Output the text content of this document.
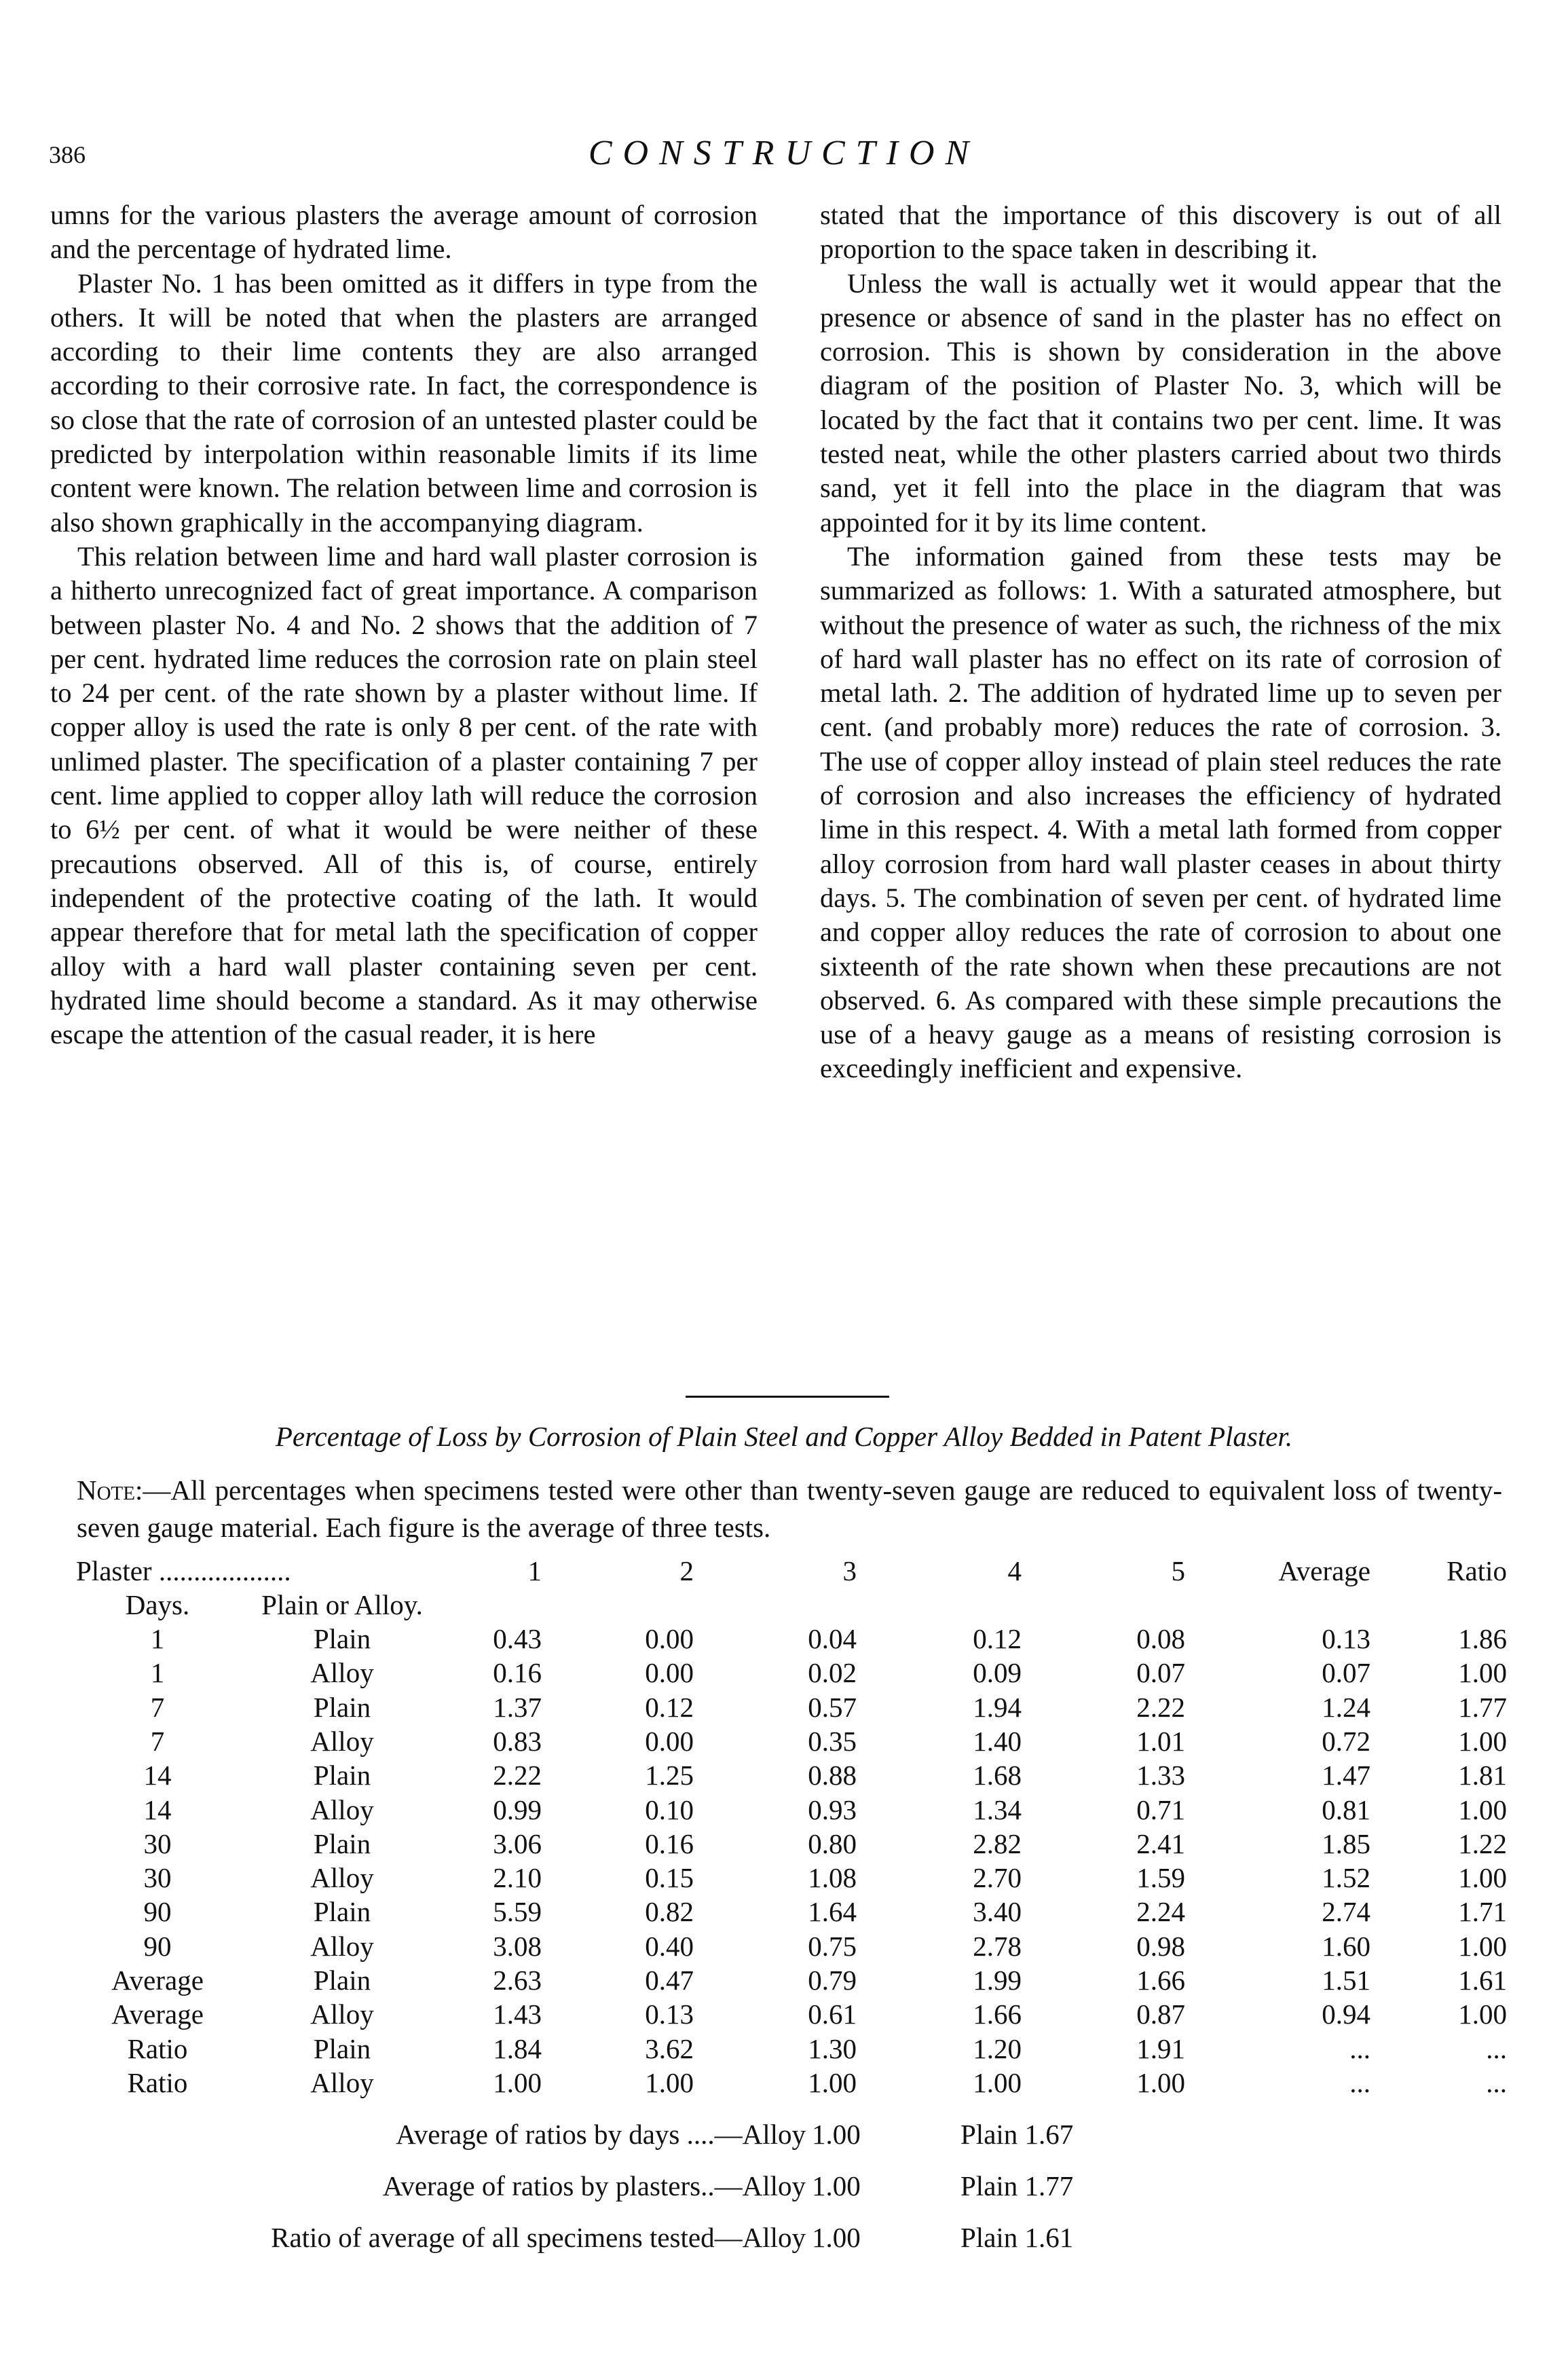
386	CONSTRUCTION

umns for the various plasters the average amount of corrosion and the percentage of hydrated lime.

Plaster No. 1 has been omitted as it differs in type from the others. It will be noted that when the plasters are arranged according to their lime contents they are also arranged according to their corrosive rate. In fact, the correspondence is so close that the rate of corrosion of an untested plaster could be predicted by interpolation within reasonable limits if its lime content were known. The relation between lime and corrosion is also shown graphically in the accompanying diagram.

This relation between lime and hard wall plaster corrosion is a hitherto unrecognized fact of great importance. A comparison between plaster No. 4 and No. 2 shows that the addition of 7 per cent. hydrated lime reduces the corrosion rate on plain steel to 24 per cent. of the rate shown by a plaster without lime. If copper alloy is used the rate is only 8 per cent. of the rate with unlimed plaster. The specification of a plaster containing 7 per cent. lime applied to copper alloy lath will reduce the corrosion to 6½ per cent. of what it would be were neither of these precautions observed. All of this is, of course, entirely independent of the protective coating of the lath. It would appear therefore that for metal lath the specification of copper alloy with a hard wall plaster containing seven per cent. hydrated lime should become a standard. As it may otherwise escape the attention of the casual reader, it is here

stated that the importance of this discovery is out of all proportion to the space taken in describing it.

Unless the wall is actually wet it would appear that the presence or absence of sand in the plaster has no effect on corrosion. This is shown by consideration in the above diagram of the position of Plaster No. 3, which will be located by the fact that it contains two per cent. lime. It was tested neat, while the other plasters carried about two thirds sand, yet it fell into the place in the diagram that was appointed for it by its lime content.

The information gained from these tests may be summarized as follows: 1. With a saturated atmosphere, but without the presence of water as such, the richness of the mix of hard wall plaster has no effect on its rate of corrosion of metal lath. 2. The addition of hydrated lime up to seven per cent. (and probably more) reduces the rate of corrosion. 3. The use of copper alloy instead of plain steel reduces the rate of corrosion and also increases the efficiency of hydrated lime in this respect. 4. With a metal lath formed from copper alloy corrosion from hard wall plaster ceases in about thirty days. 5. The combination of seven per cent. of hydrated lime and copper alloy reduces the rate of corrosion to about one sixteenth of the rate shown when these precautions are not observed. 6. As compared with these simple precautions the use of a heavy gauge as a means of resisting corrosion is exceedingly inefficient and expensive.

Percentage of Loss by Corrosion of Plain Steel and Copper Alloy Bedded in Patent Plaster.
Note:—All percentages when specimens tested were other than twenty-seven gauge are reduced to equivalent loss of twenty-seven gauge material. Each figure is the average of three tests.
Plaster ...................	1	2	3	4	5	Average	Ratio
Days.	Plain or Alloy.
1	Plain	0.43	0.00	0.04	0.12	0.08	0.13	1.86
1	Alloy	0.16	0.00	0.02	0.09	0.07	0.07	1.00
7	Plain	1.37	0.12	0.57	1.94	2.22	1.24	1.77
7	Alloy	0.83	0.00	0.35	1.40	1.01	0.72	1.00
14	Plain	2.22	1.25	0.88	1.68	1.33	1.47	1.81
14	Alloy	0.99	0.10	0.93	1.34	0.71	0.81	1.00
30	Plain	3.06	0.16	0.80	2.82	2.41	1.85	1.22
30	Alloy	2.10	0.15	1.08	2.70	1.59	1.52	1.00
90	Plain	5.59	0.82	1.64	3.40	2.24	2.74	1.71
90	Alloy	3.08	0.40	0.75	2.78	0.98	1.60	1.00
Average	Plain	2.63	0.47	0.79	1.99	1.66	1.51	1.61
Average	Alloy	1.43	0.13	0.61	1.66	0.87	0.94	1.00
Ratio	Plain	1.84	3.62	1.30	1.20	1.91	...	...
Ratio	Alloy	1.00	1.00	1.00	1.00	1.00	...	...
Average of ratios by days ....—Alloy 1.00	Plain 1.67
Average of ratios by plasters..—Alloy 1.00	Plain 1.77
Ratio of average of all specimens tested—Alloy 1.00	Plain 1.61
